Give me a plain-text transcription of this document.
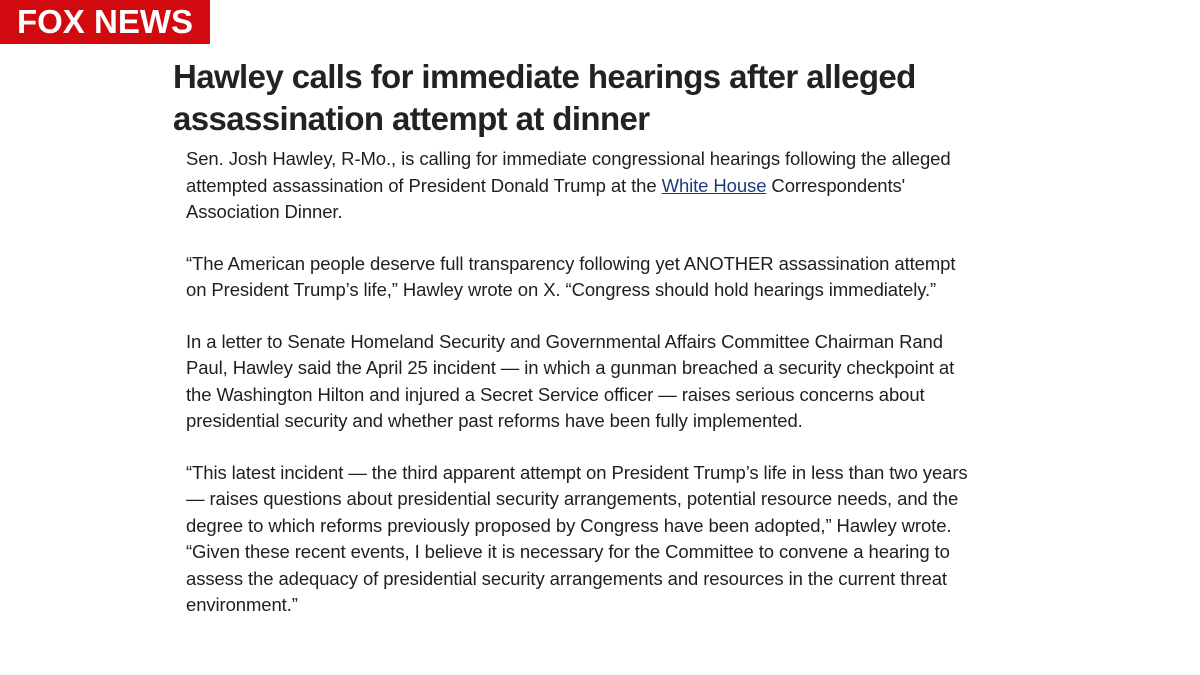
FOX NEWS
Hawley calls for immediate hearings after alleged assassination attempt at dinner

Sen. Josh Hawley, R-Mo., is calling for immediate congressional hearings following the alleged attempted assassination of President Donald Trump at the White House Correspondents' Association Dinner.

“The American people deserve full transparency following yet ANOTHER assassination attempt on President Trump’s life,” Hawley wrote on X. “Congress should hold hearings immediately.”

In a letter to Senate Homeland Security and Governmental Affairs Committee Chairman Rand Paul, Hawley said the April 25 incident — in which a gunman breached a security checkpoint at the Washington Hilton and injured a Secret Service officer — raises serious concerns about presidential security and whether past reforms have been fully implemented.

“This latest incident — the third apparent attempt on President Trump’s life in less than two years — raises questions about presidential security arrangements, potential resource needs, and the degree to which reforms previously proposed by Congress have been adopted,” Hawley wrote. “Given these recent events, I believe it is necessary for the Committee to convene a hearing to assess the adequacy of presidential security arrangements and resources in the current threat environment.”
